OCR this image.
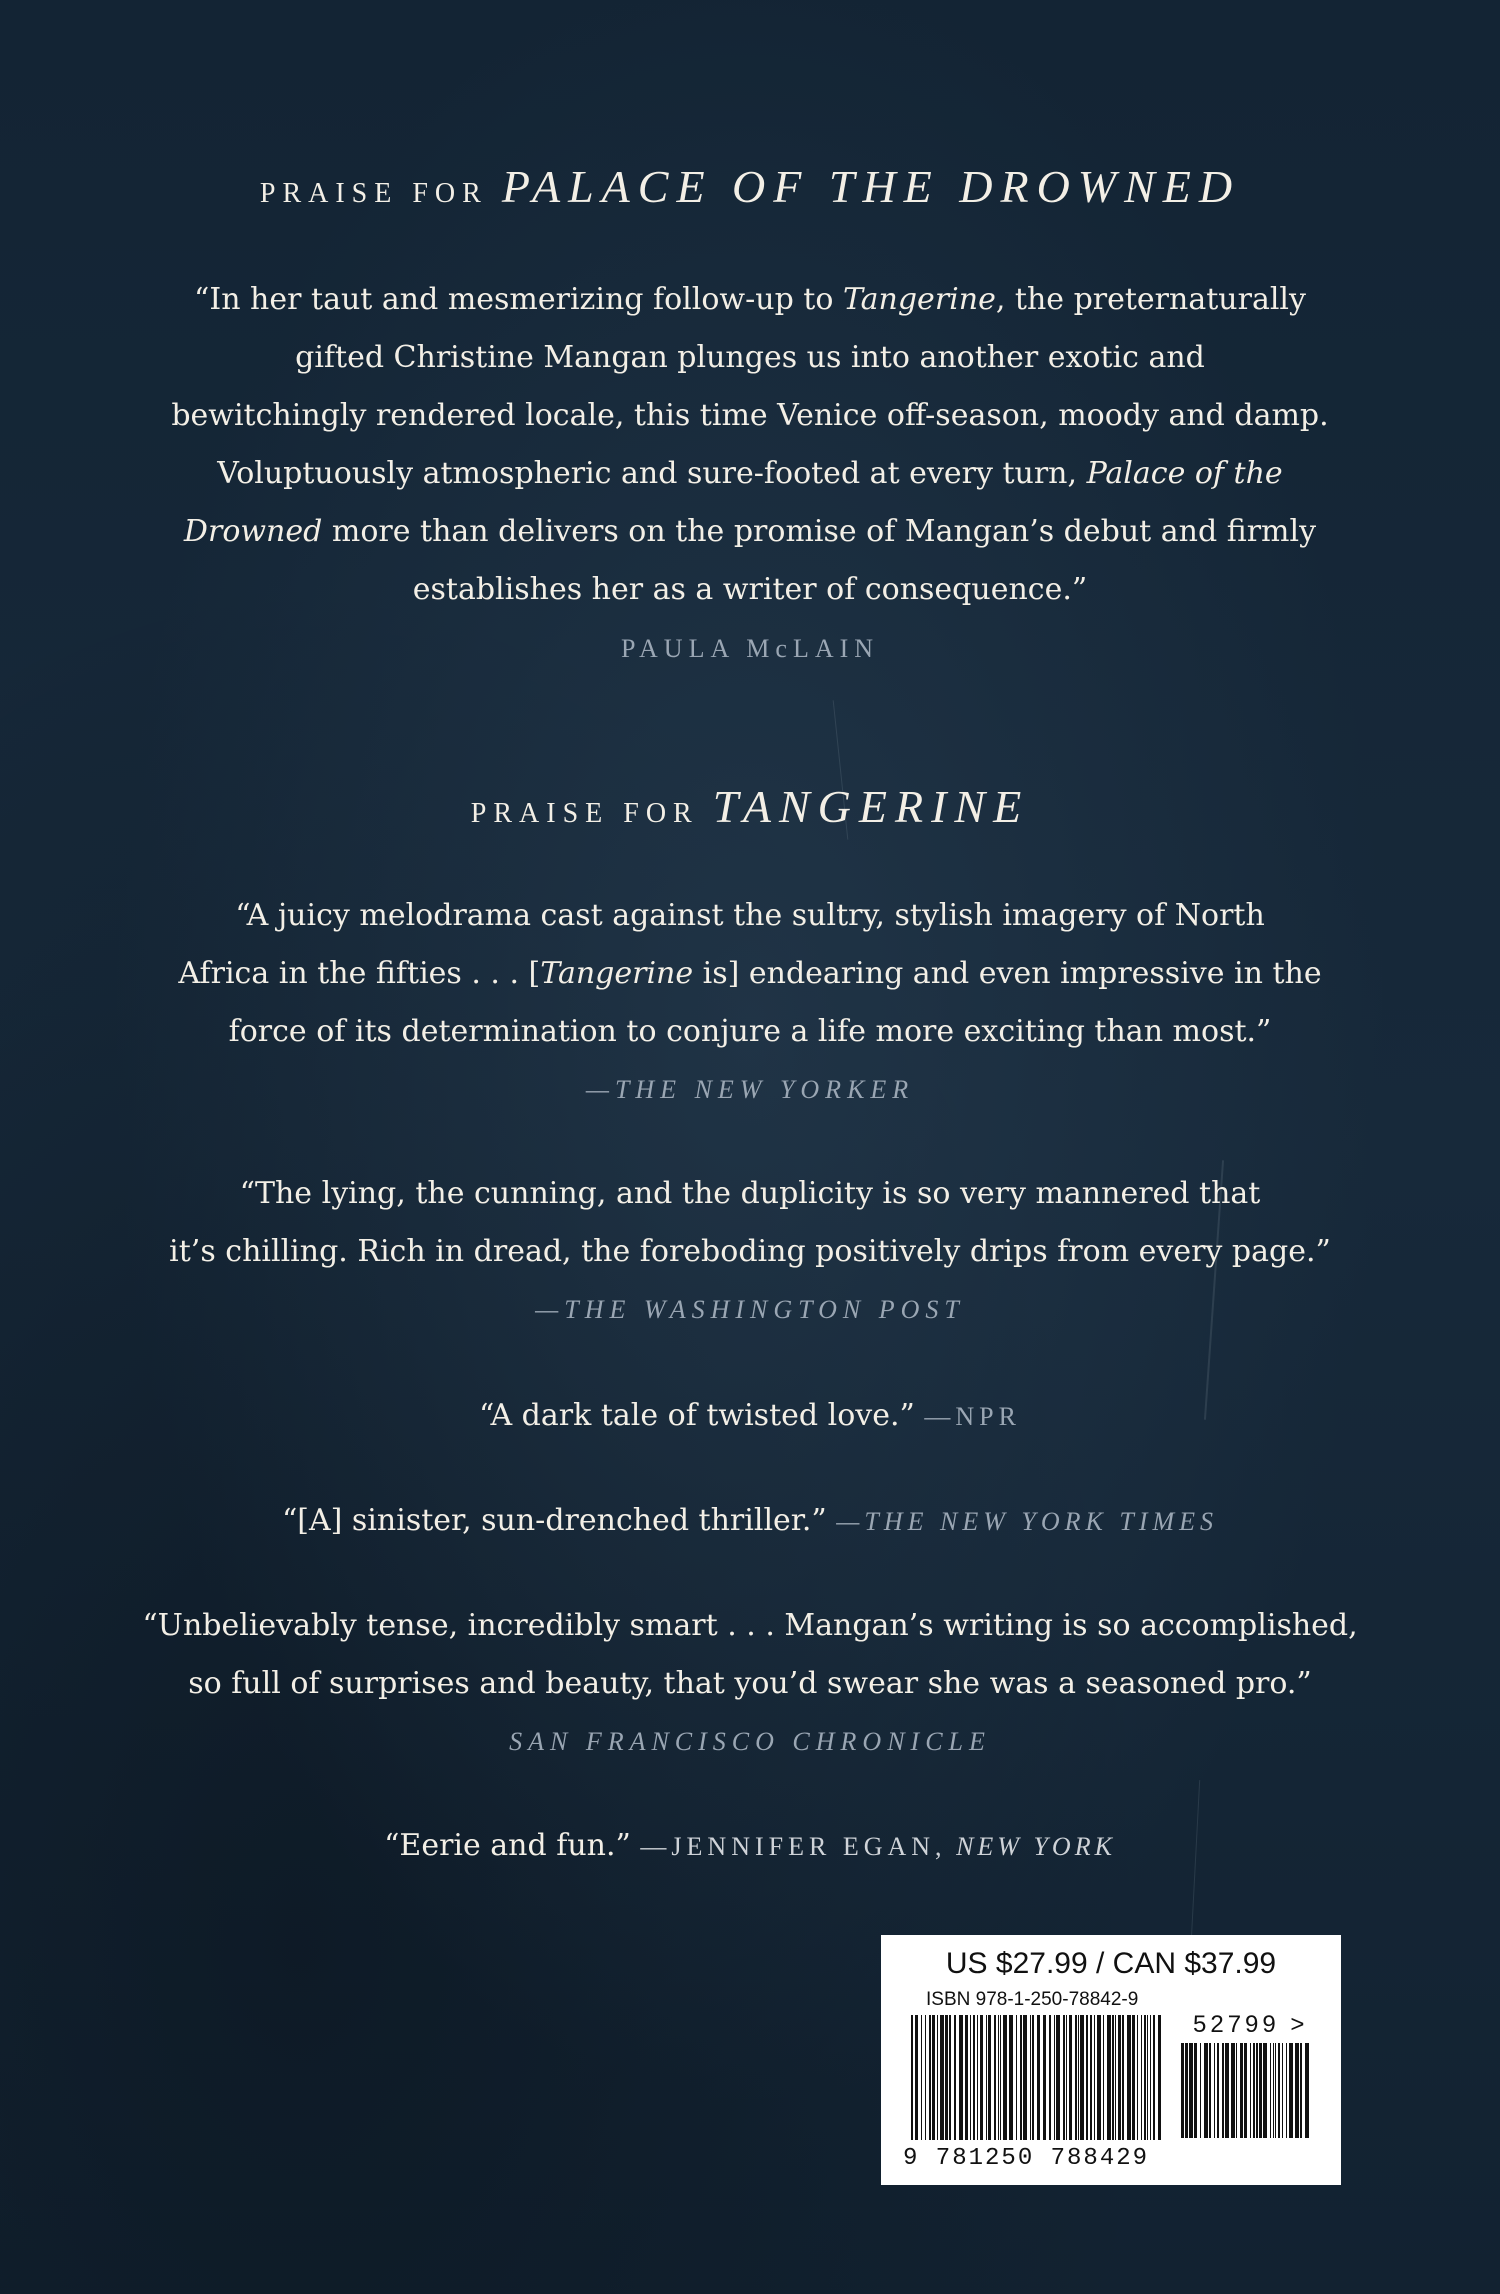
PRAISE FOR PALACE OF THE DROWNED
“In her taut and mesmerizing follow-up to Tangerine, the preternaturally
gifted Christine Mangan plunges us into another exotic and
bewitchingly rendered locale, this time Venice off-season, moody and damp.
Voluptuously atmospheric and sure-footed at every turn, Palace of the
Drowned more than delivers on the promise of Mangan’s debut and firmly
establishes her as a writer of consequence.”
PAULA McLAIN
PRAISE FOR TANGERINE
“A juicy melodrama cast against the sultry, stylish imagery of North
Africa in the fifties . . . [Tangerine is] endearing and even impressive in the
force of its determination to conjure a life more exciting than most.”
—THE NEW YORKER
“The lying, the cunning, and the duplicity is so very mannered that
it’s chilling. Rich in dread, the foreboding positively drips from every page.”
—THE WASHINGTON POST
“A dark tale of twisted love.” —NPR
“[A] sinister, sun-drenched thriller.” —THE NEW YORK TIMES
“Unbelievably tense, incredibly smart . . . Mangan’s writing is so accomplished,
so full of surprises and beauty, that you’d swear she was a seasoned pro.”
SAN FRANCISCO CHRONICLE
“Eerie and fun.” —JENNIFER EGAN, NEW YORK
US $27.99 / CAN $37.99
ISBN 978-1-250-78842-9
52799 >
9 781250 788429
